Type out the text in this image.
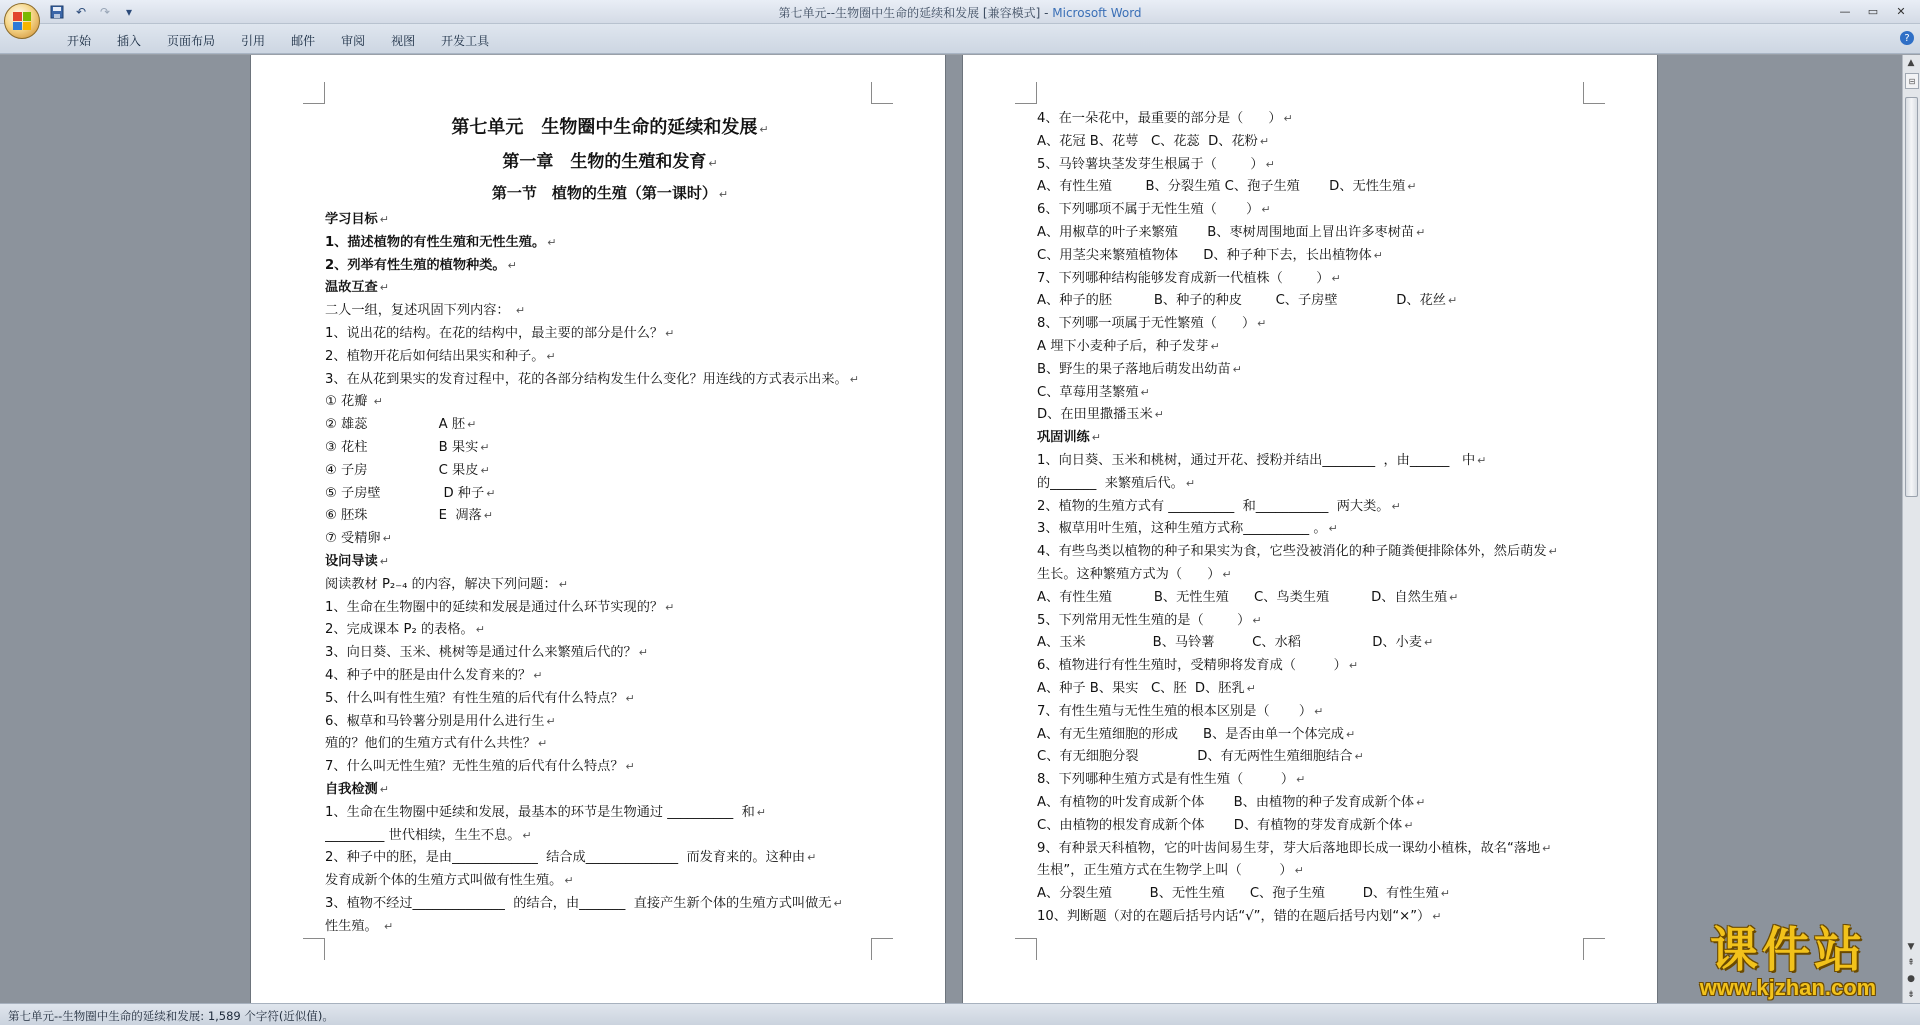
↶	↷	▾	第七单元--生物圈中生命的延续和发展 [兼容模式] - Microsoft Word	—	▭	✕
开始	插入	页面布局	引用	邮件	审阅	视图	开发工具	?
第七单元　生物圈中生命的延续和发展 ↵
第一章　生物的生殖和发育 ↵
第一节　植物的生殖（第一课时） ↵
学习目标 ↵
1、描述植物的有性生殖和无性生殖。 ↵
2、列举有性生殖的植物种类。 ↵
温故互查 ↵
二人一组，复述巩固下列内容： ↵
1、说出花的结构。在花的结构中，最主要的部分是什么？ ↵
2、植物开花后如何结出果实和种子。 ↵
3、在从花到果实的发育过程中，花的各部分结构发生什么变化？用连线的方式表示出来。 ↵
① 花瓣 ↵
② 雄蕊                 A 胚 ↵
③ 花柱                 B 果实 ↵
④ 子房                 C 果皮 ↵
⑤ 子房壁               D 种子 ↵
⑥ 胚珠                 E  凋落 ↵
⑦ 受精卵 ↵
设问导读 ↵
阅读教材 P₂₋₄ 的内容，解决下列问题： ↵
1、生命在生物圈中的延续和发展是通过什么环节实现的？ ↵
2、完成课本 P₂ 的表格。 ↵
3、向日葵、玉米、桃树等是通过什么来繁殖后代的？ ↵
4、种子中的胚是由什么发育来的？ ↵
5、什么叫有性生殖？有性生殖的后代有什么特点？ ↵
6、椒草和马铃薯分别是用什么进行生 ↵
殖的？他们的生殖方式有什么共性？ ↵
7、什么叫无性生殖？无性生殖的后代有什么特点？ ↵
自我检测 ↵
1、生命在生物圈中延续和发展，最基本的环节是生物通过 __________  和 ↵
_________ 世代相续，生生不息。 ↵
2、种子中的胚，是由_____________  结合成______________  而发育来的。这种由 ↵
发育成新个体的生殖方式叫做有性生殖。 ↵
3、植物不经过______________  的结合，由_______  直接产生新个体的生殖方式叫做无 ↵
性生殖。 ↵
4、在一朵花中，最重要的部分是（      ） ↵
A、花冠 B、花萼   C、花蕊  D、花粉 ↵
5、马铃薯块茎发芽生根属于（        ） ↵
A、有性生殖        B、分裂生殖 C、孢子生殖       D、无性生殖 ↵
6、下列哪项不属于无性生殖（       ） ↵
A、用椒草的叶子来繁殖       B、枣树周围地面上冒出许多枣树苗 ↵
C、用茎尖来繁殖植物体      D、种子种下去，长出植物体 ↵
7、下列哪种结构能够发育成新一代植株（        ） ↵
A、种子的胚          B、种子的种皮        C、子房壁              D、花丝 ↵
8、下列哪一项属于无性繁殖（      ） ↵
A 埋下小麦种子后，种子发芽 ↵
B、野生的果子落地后萌发出幼苗 ↵
C、草莓用茎繁殖 ↵
D、在田里撒播玉米 ↵
巩固训练 ↵
1、向日葵、玉米和桃树，通过开花、授粉并结出________  ，由______   中 ↵
的_______  来繁殖后代。 ↵
2、植物的生殖方式有 __________  和___________  两大类。 ↵
3、椒草用叶生殖，这种生殖方式称__________ 。 ↵
4、有些鸟类以植物的种子和果实为食，它些没被消化的种子随粪便排除体外，然后萌发 ↵
生长。这种繁殖方式为（      ） ↵
A、有性生殖          B、无性生殖      C、鸟类生殖          D、自然生殖 ↵
5、下列常用无性生殖的是（        ） ↵
A、玉米                B、马铃薯         C、水稻                 D、小麦 ↵
6、植物进行有性生殖时，受精卵将发育成（         ） ↵
A、种子 B、果实   C、胚  D、胚乳 ↵
7、有性生殖与无性生殖的根本区别是（       ） ↵
A、有无生殖细胞的形成      B、是否由单一个体完成 ↵
C、有无细胞分裂              D、有无两性生殖细胞结合 ↵
8、下列哪种生殖方式是有性生殖（         ） ↵
A、有植物的叶发育成新个体       B、由植物的种子发育成新个体 ↵
C、由植物的根发育成新个体       D、有植物的芽发育成新个体 ↵
9、有种景天科植物，它的叶齿间易生芽，芽大后落地即长成一课幼小植株，故名“落地 ↵
生根”，正生殖方式在生物学上叫（         ） ↵
A、分裂生殖         B、无性生殖      C、孢子生殖         D、有性生殖 ↵
10、判断题（对的在题后括号内话“√”，错的在题后括号内划“×”） ↵
▲
⊟
▼
⇞
●
⇟
第七单元--生物圈中生命的延续和发展: 1,589 个字符(近似值)。
课件站
www.kjzhan.com
